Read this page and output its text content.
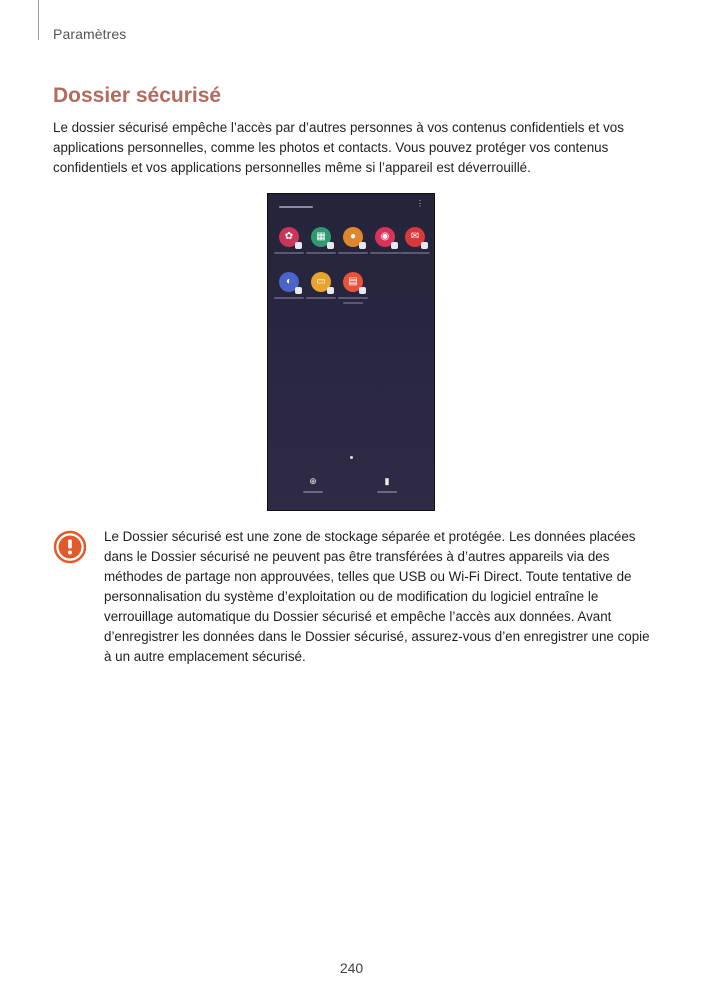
Paramètres
Dossier sécurisé

Le dossier sécurisé empêche l’accès par d’autres personnes à vos contenus confidentiels et vos applications personnelles, comme les photos et contacts. Vous pouvez protéger vos contenus confidentiels et vos applications personnelles même si l’appareil est déverrouillé.

⋮
✿	▦	●	◉	✉
◐	▭	▤
⊕	▮

Le Dossier sécurisé est une zone de stockage séparée et protégée. Les données placées dans le Dossier sécurisé ne peuvent pas être transférées à d’autres appareils via des méthodes de partage non approuvées, telles que USB ou Wi-Fi Direct. Toute tentative de personnalisation du système d’exploitation ou de modification du logiciel entraîne le verrouillage automatique du Dossier sécurisé et empêche l’accès aux données. Avant d’enregistrer les données dans le Dossier sécurisé, assurez-vous d’en enregistrer une copie à un autre emplacement sécurisé.

240
